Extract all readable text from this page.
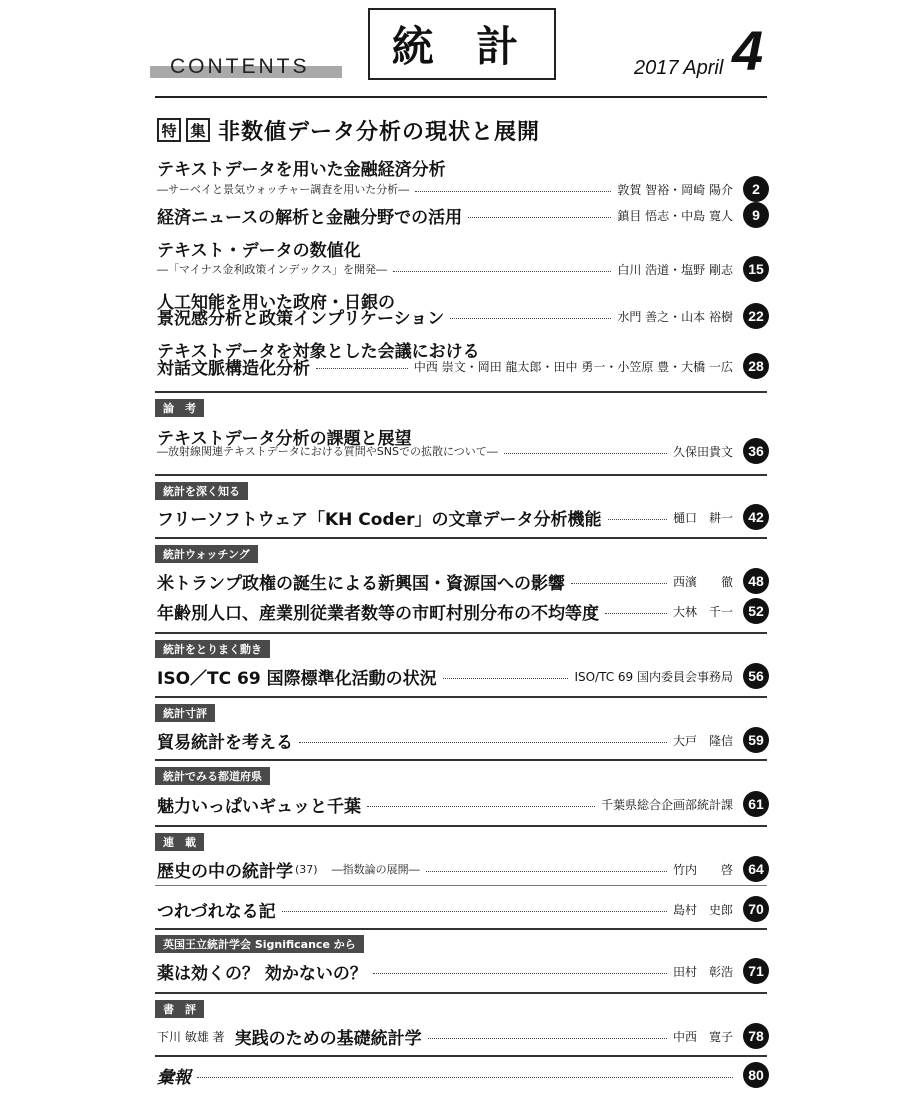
CONTENTS	統 計	2017 April 4
特 集 非数値データ分析の現状と展開
テキストデータを用いた金融経済分析
―サーベイと景気ウォッチャー調査を用いた分析―	敦賀 智裕・岡崎 陽介	2
経済ニュースの解析と金融分野での活用	鎮目 悟志・中島 寛人	9
テキスト・データの数値化
―「マイナス金利政策インデックス」を開発―	白川 浩道・塩野 剛志	15
人工知能を用いた政府・日銀の
景況感分析と政策インプリケーション	水門 善之・山本 裕樹	22
テキストデータを対象とした会議における
対話文脈構造化分析	中西 崇文・岡田 龍太郎・田中 勇一・小笠原 豊・大橋 一広	28
論　考
テキストデータ分析の課題と展望
―放射線関連テキストデータにおける質問やSNSでの拡散について―	久保田貴文	36
統計を深く知る
フリーソフトウェア「KH Coder」の文章データ分析機能	樋口　耕一	42
統計ウォッチング
米トランプ政権の誕生による新興国・資源国への影響	西濱　　徹	48
年齢別人口、産業別従業者数等の市町村別分布の不均等度	大林　千一	52
統計をとりまく動き
ISO／TC 69 国際標準化活動の状況	ISO/TC 69 国内委員会事務局	56
統計寸評
貿易統計を考える	大戸　隆信	59
統計でみる都道府県
魅力いっぱいギュッと千葉	千葉県総合企画部統計課	61
連　載
歴史の中の統計学 (37) ―指数論の展開―	竹内　　啓	64
つれづれなる記	島村　史郎	70
英国王立統計学会 Significance から
薬は効くの？ 効かないの？	田村　彰浩	71
書　評
下川 敏雄 著 実践のための基礎統計学	中西　寛子	78
彙報	80
